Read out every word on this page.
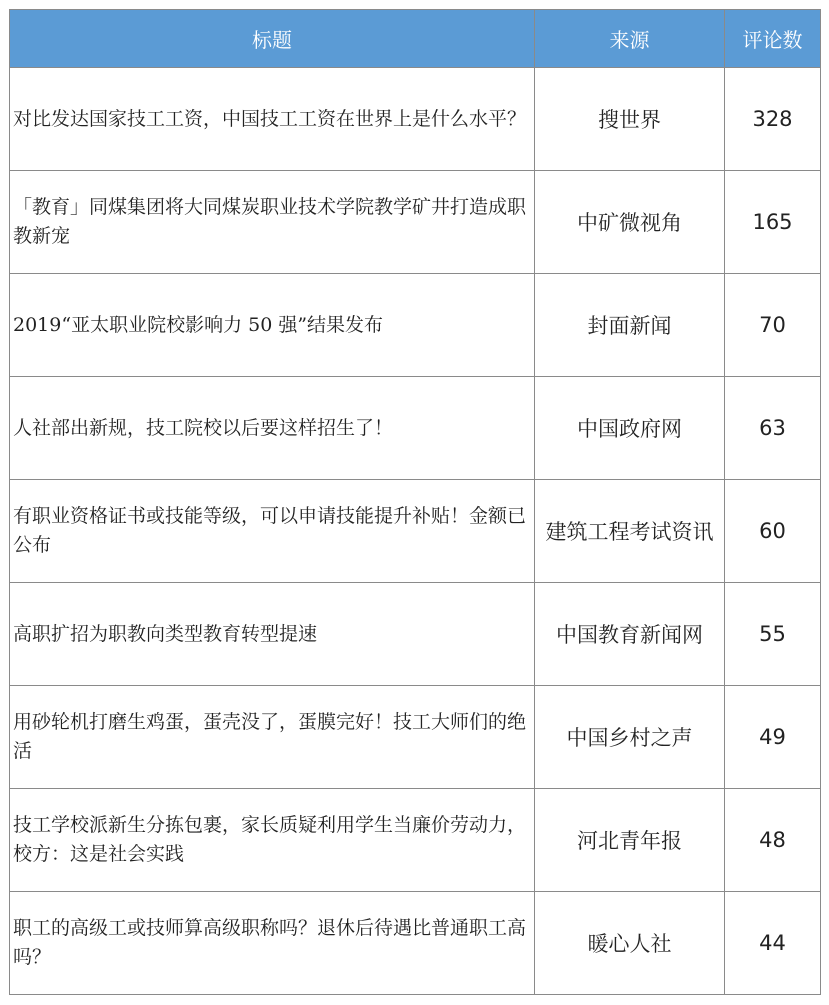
标题	来源	评论数
对比发达国家技工工资，中国技工工资在世界上是什么水平？	搜世界	328
「教育」同煤集团将大同煤炭职业技术学院教学矿井打造成职教新宠	中矿微视角	165
2019“亚太职业院校影响力 50 强”结果发布	封面新闻	70
人社部出新规，技工院校以后要这样招生了！	中国政府网	63
有职业资格证书或技能等级，可以申请技能提升补贴！金额已公布	建筑工程考试资讯	60
高职扩招为职教向类型教育转型提速	中国教育新闻网	55
用砂轮机打磨生鸡蛋，蛋壳没了，蛋膜完好！技工大师们的绝活	中国乡村之声	49
技工学校派新生分拣包裹，家长质疑利用学生当廉价劳动力，校方：这是社会实践	河北青年报	48
职工的高级工或技师算高级职称吗？退休后待遇比普通职工高吗？	暖心人社	44
